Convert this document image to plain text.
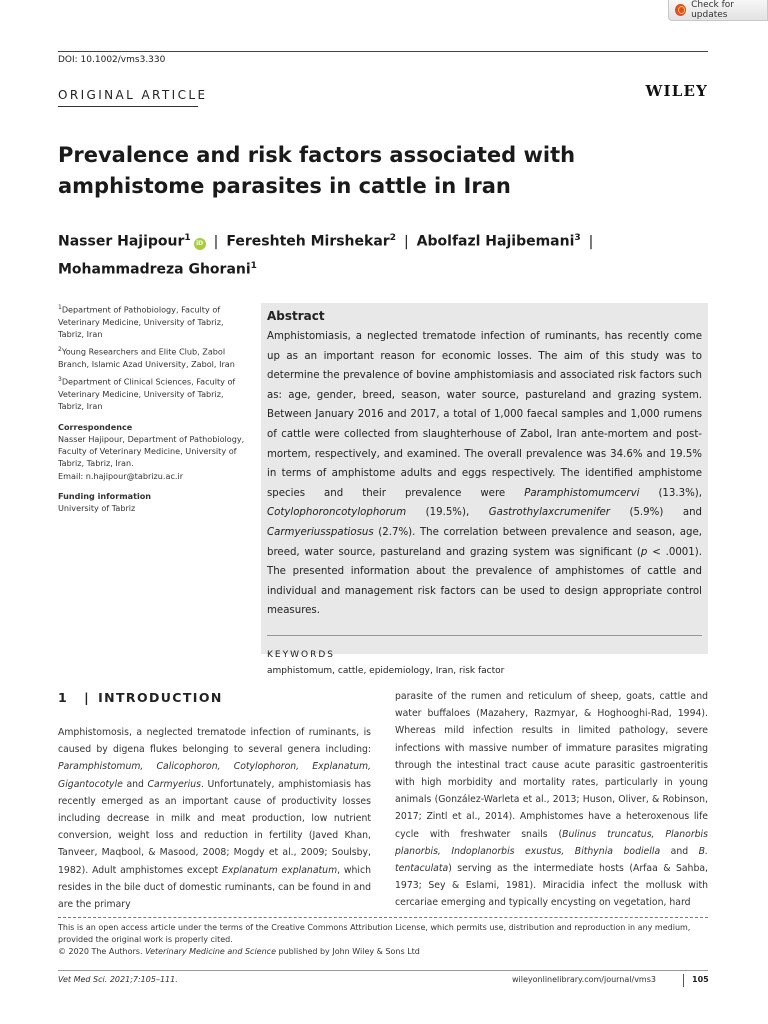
Check for updates
DOI: 10.1002/vms3.330
ORIGINAL ARTICLE	WILEY
Prevalence and risk factors associated with amphistome parasites in cattle in Iran
Nasser Hajipour$^1$iD | Fereshteh Mirshekar$^2$ | Abolfazl Hajibemani$^3$ |
Mohammadreza Ghorani$^1$

$^1$Department of Pathobiology, Faculty of Veterinary Medicine, University of Tabriz, Tabriz, Iran

$^2$Young Researchers and Elite Club, Zabol Branch, Islamic Azad University, Zabol, Iran

$^3$Department of Clinical Sciences, Faculty of Veterinary Medicine, University of Tabriz, Tabriz, Iran

Correspondence

Nasser Hajipour, Department of Pathobiology, Faculty of Veterinary Medicine, University of Tabriz, Tabriz, Iran.

Email: n.hajipour@tabrizu.ac.ir

Funding information

University of Tabriz

Abstract

Amphistomiasis, a neglected trematode infection of ruminants, has recently come up as an important reason for economic losses. The aim of this study was to determine the prevalence of bovine amphistomiasis and associated risk factors such as: age, gender, breed, season, water source, pastureland and grazing system. Between January 2016 and 2017, a total of 1,000 faecal samples and 1,000 rumens of cattle were collected from slaughterhouse of Zabol, Iran ante-mortem and post-mortem, respectively, and examined. The overall prevalence was 34.6% and 19.5% in terms of amphistome adults and eggs respectively. The identified amphistome species and their prevalence were Paramphistomumcervi (13.3%), Cotylophoroncotylophorum (19.5%), Gastrothylaxcrumenifer (5.9%) and Carmyeriusspatiosus (2.7%). The correlation between prevalence and season, age, breed, water source, pastureland and grazing system was significant (p < .0001). The presented information about the prevalence of amphistomes of cattle and individual and management risk factors can be used to design appropriate control measures.

KEYWORDS
amphistomum, cattle, epidemiology, Iran, risk factor
1 | INTRODUCTION

Amphistomosis, a neglected trematode infection of ruminants, is caused by digena flukes belonging to several genera including: Paramphistomum, Calicophoron, Cotylophoron, Explanatum, Gigantocotyle and Carmyerius. Unfortunately, amphistomiasis has recently emerged as an important cause of productivity losses including decrease in milk and meat production, low nutrient conversion, weight loss and reduction in fertility (Javed Khan, Tanveer, Maqbool, & Masood, 2008; Mogdy et al., 2009; Soulsby, 1982). Adult amphistomes except Explanatum explanatum, which resides in the bile duct of domestic ruminants, can be found in and are the primary

parasite of the rumen and reticulum of sheep, goats, cattle and water buffaloes (Mazahery, Razmyar, & Hoghooghi-Rad, 1994). Whereas mild infection results in limited pathology, severe infections with massive number of immature parasites migrating through the intestinal tract cause acute parasitic gastroenteritis with high morbidity and mortality rates, particularly in young animals (González-Warleta et al., 2013; Huson, Oliver, & Robinson, 2017; Zintl et al., 2014). Amphistomes have a heteroxenous life cycle with freshwater snails (Bulinus truncatus, Planorbis planorbis, Indoplanorbis exustus, Bithynia bodiella and B. tentaculata) serving as the intermediate hosts (Arfaa & Sahba, 1973; Sey & Eslami, 1981). Miracidia infect the mollusk with cercariae emerging and typically encysting on vegetation, hard

This is an open access article under the terms of the Creative Commons Attribution License, which permits use, distribution and reproduction in any medium, provided the original work is properly cited.
© 2020 The Authors. Veterinary Medicine and Science published by John Wiley & Sons Ltd
Vet Med Sci. 2021;7:105–111.	wileyonlinelibrary.com/journal/vms3	105
